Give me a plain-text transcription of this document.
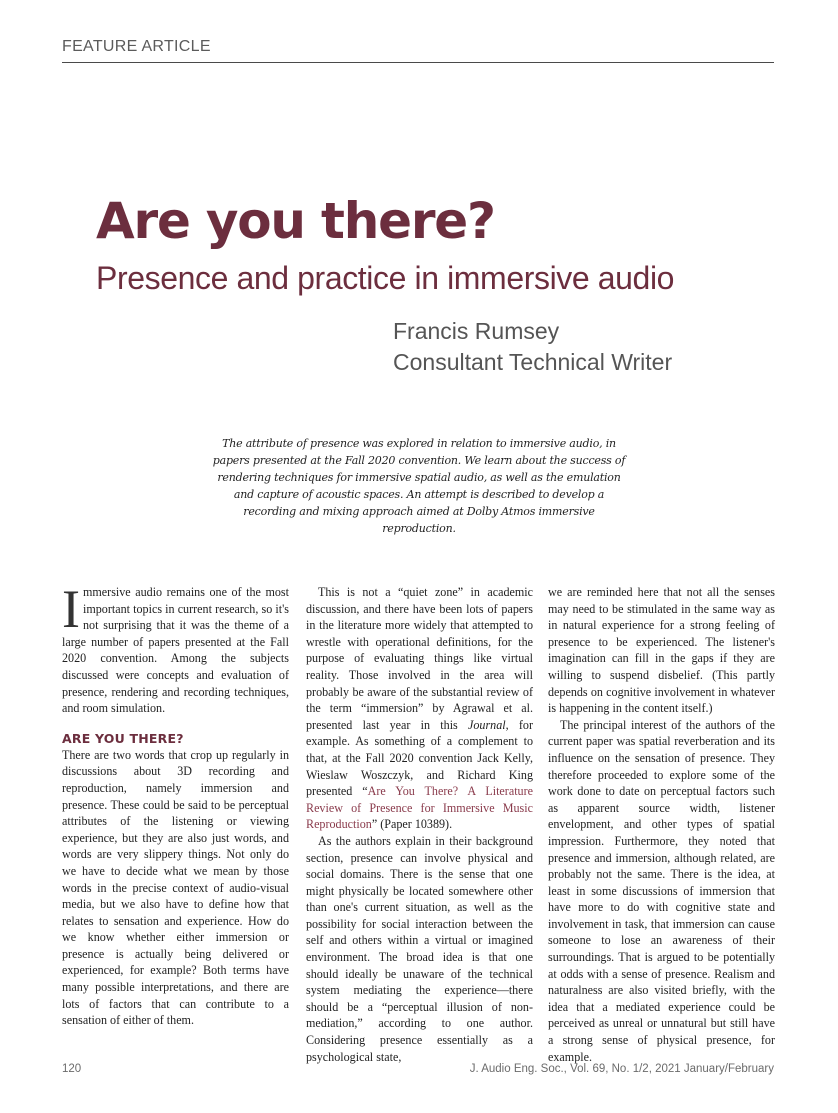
FEATURE ARTICLE
Are you there?
Presence and practice in immersive audio
Francis Rumsey
Consultant Technical Writer

The attribute of presence was explored in relation to immersive audio, in papers presented at the Fall 2020 convention. We learn about the success of rendering techniques for immersive spatial audio, as well as the emulation and capture of acoustic spaces. An attempt is described to develop a recording and mixing approach aimed at Dolby Atmos immersive reproduction.

Immersive audio remains one of the most important topics in current research, so it's not surprising that it was the theme of a large number of papers presented at the Fall 2020 convention. Among the subjects discussed were concepts and evaluation of presence, rendering and recording techniques, and room simulation.

ARE YOU THERE?

There are two words that crop up regularly in discussions about 3D recording and reproduction, namely immersion and presence. These could be said to be perceptual attributes of the listening or viewing experience, but they are also just words, and words are very slippery things. Not only do we have to decide what we mean by those words in the precise context of audio-visual media, but we also have to define how that relates to sensation and experience. How do we know whether either immersion or presence is actually being delivered or experienced, for example? Both terms have many possible interpretations, and there are lots of factors that can contribute to a sensation of either of them.

This is not a “quiet zone” in academic discussion, and there have been lots of papers in the literature more widely that attempted to wrestle with operational definitions, for the purpose of evaluating things like virtual reality. Those involved in the area will probably be aware of the substantial review of the term “immersion” by Agrawal et al. presented last year in this Journal, for example. As something of a complement to that, at the Fall 2020 convention Jack Kelly, Wieslaw Woszczyk, and Richard King presented “Are You There? A Literature Review of Presence for Immersive Music Reproduction” (Paper 10389).

As the authors explain in their background section, presence can involve physical and social domains. There is the sense that one might physically be located somewhere other than one's current situation, as well as the possibility for social interaction between the self and others within a virtual or imagined environment. The broad idea is that one should ideally be unaware of the technical system mediating the experience—there should be a “perceptual illusion of non-mediation,” according to one author. Considering presence essentially as a psychological state,

we are reminded here that not all the senses may need to be stimulated in the same way as in natural experience for a strong feeling of presence to be experienced. The listener's imagination can fill in the gaps if they are willing to suspend disbelief. (This partly depends on cognitive involvement in whatever is happening in the content itself.)

The principal interest of the authors of the current paper was spatial reverberation and its influence on the sensation of presence. They therefore proceeded to explore some of the work done to date on perceptual factors such as apparent source width, listener envelopment, and other types of spatial impression. Furthermore, they noted that presence and immersion, although related, are probably not the same. There is the idea, at least in some discussions of immersion that have more to do with cognitive state and involvement in task, that immersion can cause someone to lose an awareness of their surroundings. That is argued to be potentially at odds with a sense of presence. Realism and naturalness are also visited briefly, with the idea that a mediated experience could be perceived as unreal or unnatural but still have a strong sense of physical presence, for example.

120	J. Audio Eng. Soc., Vol. 69, No. 1/2, 2021 January/February
